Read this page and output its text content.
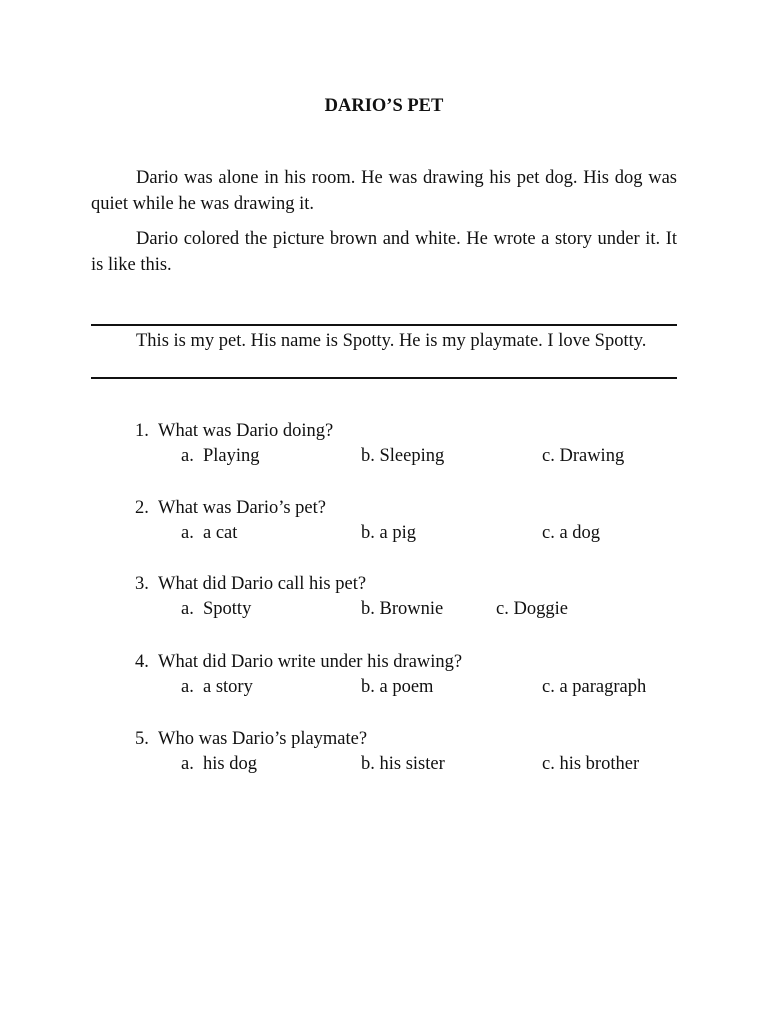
DARIO’S PET

Dario was alone in his room. He was drawing his pet dog. His dog was quiet while he was drawing it.

Dario colored the picture brown and white. He wrote a story under it. It is like this.

This is my pet. His name is Spotty. He is my playmate. I love Spotty.

1. What was Dario doing?
a. Playing	b. Sleeping	c. Drawing
2. What was Dario’s pet?
a. a cat	b. a pig	c. a dog
3. What did Dario call his pet?
a. Spotty	b. Brownie	c. Doggie
4. What did Dario write under his drawing?
a. a story	b. a poem	c. a paragraph
5. Who was Dario’s playmate?
a. his dog	b. his sister	c. his brother
